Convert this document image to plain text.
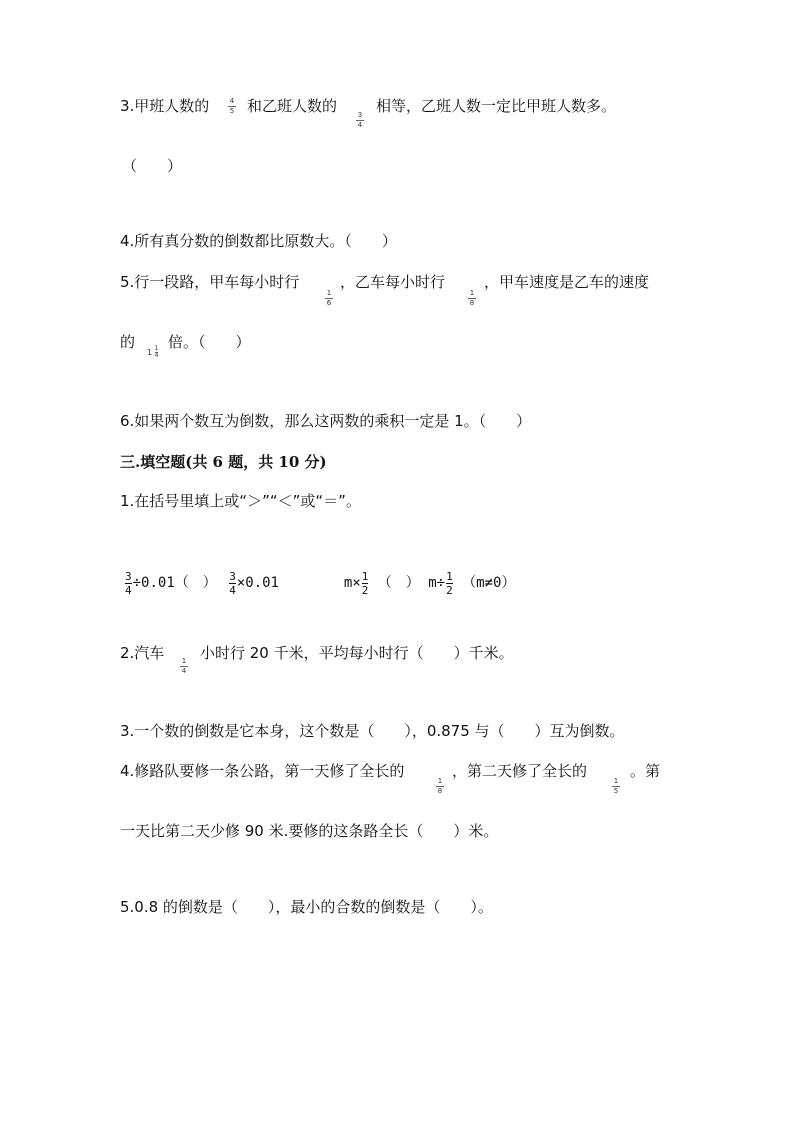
3.甲班人数的	4
5 和乙班人数的	3
4
相等，乙班人数一定比甲班人数多。
（　　）
4.所有真分数的倒数都比原数大。（　　）
5.行一段路，甲车每小时行
1
6
，乙车每小时行
1
8
，甲车速度是乙车的速度
的
$1 \frac{1}{4}$
倍。（　　）
6.如果两个数互为倒数，那么这两数的乘积一定是 1。（　　）
三.填空题(共 6 题，共 10 分)
1.在括号里填上或“＞”“＜”或“＝”。
$\frac{3}{4}\div 0.01$（　） $\frac{3}{4}\times 0.01$	$m\times\frac{1}{2}$ （　） $m\div\frac{1}{2} (m\ne 0)$
2.汽车 1
4
小时行 20 千米，平均每小时行（　　）千米。
3.一个数的倒数是它本身，这个数是（　　），0.875 与（　　）互为倒数。
4.修路队要修一条公路，第一天修了全长的
1
8
，第二天修了全长的
1
5
。第
一天比第二天少修 90 米.要修的这条路全长（　　）米。
5.0.8 的倒数是（　　），最小的合数的倒数是（　　）。
